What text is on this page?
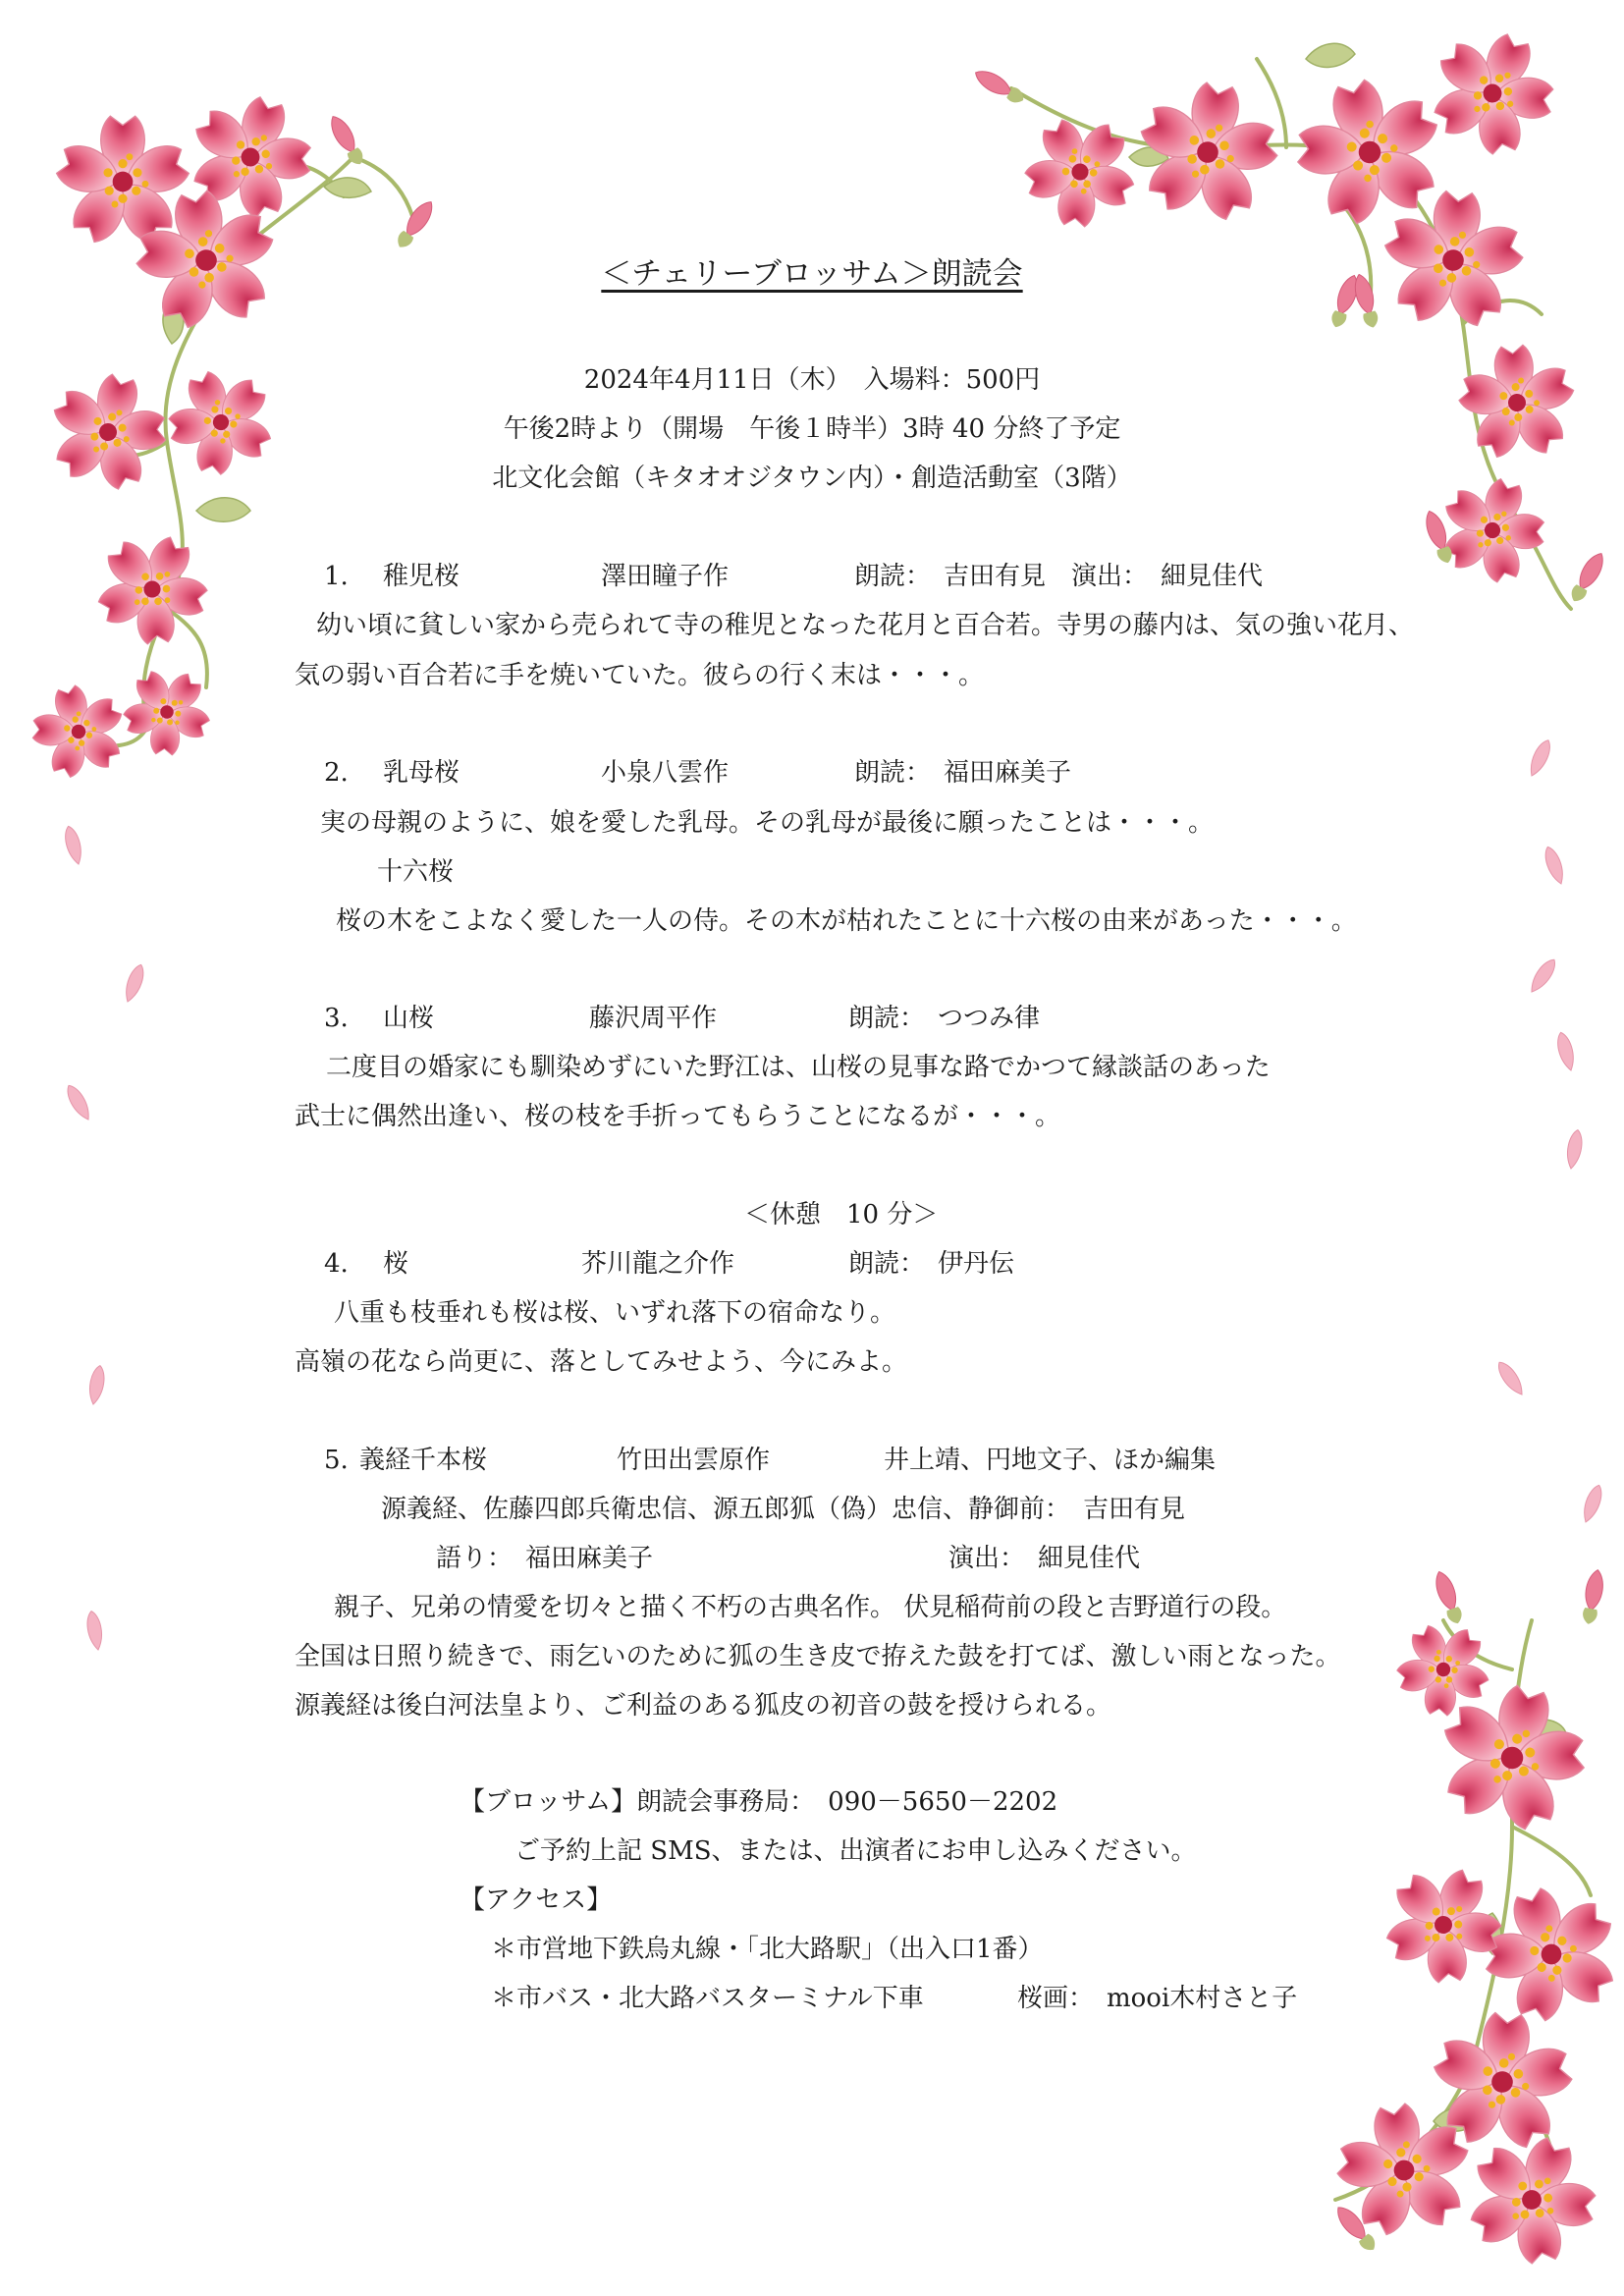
＜チェリーブロッサム＞朗読会
2024年4月11日（木）　入場料：500円
午後2時より（開場　午後１時半）3時 40 分終了予定
北文化会館（キタオオジタウン内）・創造活動室（3階）
1. 稚児桜	澤田瞳子作	朗読：　吉田有見　演出：　細見佳代
幼い頃に貧しい家から売られて寺の稚児となった花月と百合若。寺男の藤内は、気の強い花月、
気の弱い百合若に手を焼いていた。彼らの行く末は・・・。
2. 乳母桜	小泉八雲作	朗読：　福田麻美子
実の母親のように、娘を愛した乳母。その乳母が最後に願ったことは・・・。
十六桜
桜の木をこよなく愛した一人の侍。その木が枯れたことに十六桜の由来があった・・・。
3. 山桜	藤沢周平作	朗読：　つつみ律
二度目の婚家にも馴染めずにいた野江は、山桜の見事な路でかつて縁談話のあった
武士に偶然出逢い、桜の枝を手折ってもらうことになるが・・・。
＜休憩　10 分＞
4. 桜	芥川龍之介作	朗読：　伊丹伝
八重も枝垂れも桜は桜、いずれ落下の宿命なり。
高嶺の花なら尚更に、落としてみせよう、今にみよ。
5. 義経千本桜	竹田出雲原作	井上靖、円地文子、ほか編集
源義経、佐藤四郎兵衛忠信、源五郎狐（偽）忠信、静御前：　吉田有見
語り：　福田麻美子	演出：　細見佳代
親子、兄弟の情愛を切々と描く不朽の古典名作。 伏見稲荷前の段と吉野道行の段。
全国は日照り続きで、雨乞いのために狐の生き皮で拵えた鼓を打てば、激しい雨となった。
源義経は後白河法皇より、ご利益のある狐皮の初音の鼓を授けられる。
【ブロッサム】朗読会事務局：　090－5650－2202
ご予約上記 SMS、または、出演者にお申し込みください。
【アクセス】
＊市営地下鉄烏丸線・「北大路駅」（出入口1番）
＊市バス・北大路バスターミナル下車	桜画：　mooi木村さと子
